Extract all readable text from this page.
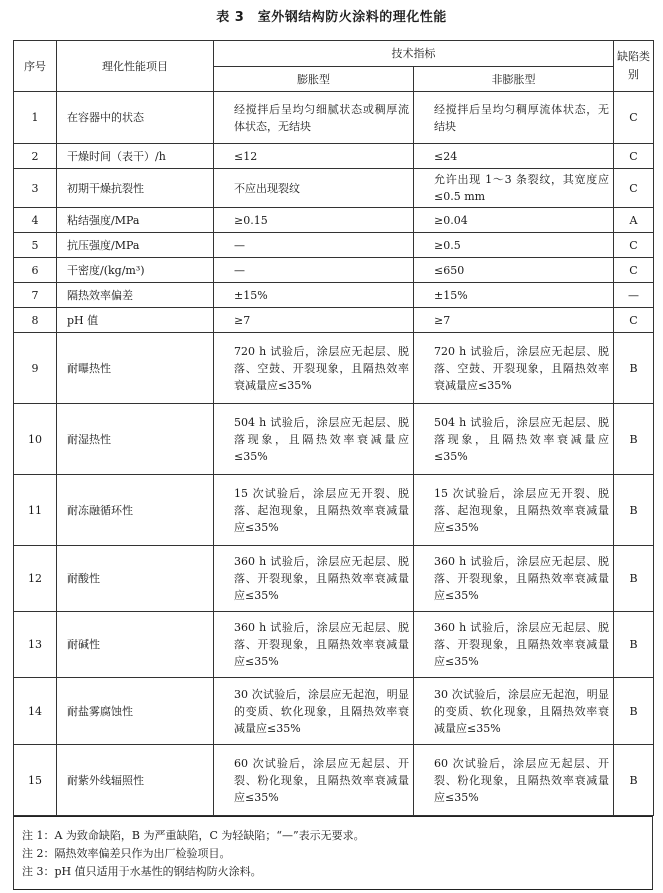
表 3　室外钢结构防火涂料的理化性能
序号	理化性能项目	技术指标		缺陷类别
		膨胀型	非膨胀型	
1	在容器中的状态	经搅拌后呈均匀细腻状态或稠厚流体状态，无结块	经搅拌后呈均匀稠厚流体状态，无结块	C
2	干燥时间（表干）/h	≤12	≤24	C
3	初期干燥抗裂性	不应出现裂纹	允许出现 1～3 条裂纹，其宽度应≤0.5 mm	C
4	粘结强度/MPa	≥0.15	≥0.04	A
5	抗压强度/MPa	—	≥0.5	C
6	干密度/(kg/m³)	—	≤650	C
7	隔热效率偏差	±15%	±15%	—
8	pH 值	≥7	≥7	C
9	耐曝热性	720 h 试验后，涂层应无起层、脱落、空鼓、开裂现象，且隔热效率衰减量应≤35%	720 h 试验后，涂层应无起层、脱落、空鼓、开裂现象，且隔热效率衰减量应≤35%	B
10	耐湿热性	504 h 试验后，涂层应无起层、脱落现象，且隔热效率衰减量应≤35%	504 h 试验后，涂层应无起层、脱落现象，且隔热效率衰减量应≤35%	B
11	耐冻融循环性	15 次试验后，涂层应无开裂、脱落、起泡现象，且隔热效率衰减量应≤35%	15 次试验后，涂层应无开裂、脱落、起泡现象，且隔热效率衰减量应≤35%	B
12	耐酸性	360 h 试验后，涂层应无起层、脱落、开裂现象，且隔热效率衰减量应≤35%	360 h 试验后，涂层应无起层、脱落、开裂现象，且隔热效率衰减量应≤35%	B
13	耐碱性	360 h 试验后，涂层应无起层、脱落、开裂现象，且隔热效率衰减量应≤35%	360 h 试验后，涂层应无起层、脱落、开裂现象，且隔热效率衰减量应≤35%	B
14	耐盐雾腐蚀性	30 次试验后，涂层应无起泡，明显的变质、软化现象，且隔热效率衰减量应≤35%	30 次试验后，涂层应无起泡，明显的变质、软化现象，且隔热效率衰减量应≤35%	B
15	耐紫外线辐照性	60 次试验后，涂层应无起层、开裂、粉化现象，且隔热效率衰减量应≤35%	60 次试验后，涂层应无起层、开裂、粉化现象，且隔热效率衰减量应≤35%	B
注 1：A 为致命缺陷，B 为严重缺陷，C 为轻缺陷；“—”表示无要求。
注 2：隔热效率偏差只作为出厂检验项目。
注 3：pH 值只适用于水基性的钢结构防火涂料。
